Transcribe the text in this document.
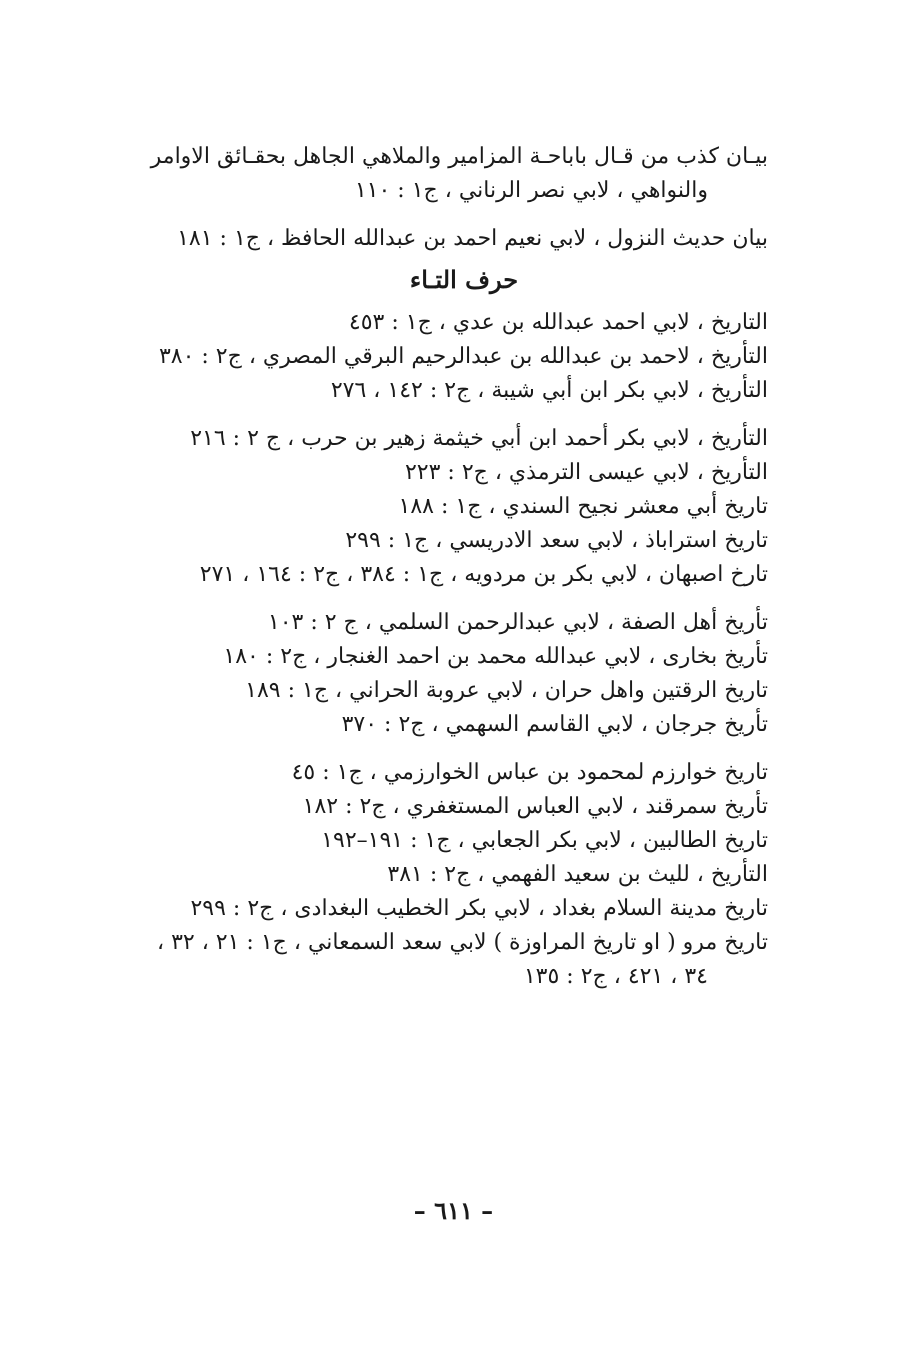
بيـان كذب من قـال باباحـة المزامير والملاهي الجاهل بحقـائق الاوامر
والنواهي ، لابي نصر الرناني ، ج١ : ١١٠
بيان حديث النزول ، لابي نعيم احمد بن عبدالله الحافظ ، ج١ : ١٨١
حرف التـاء
التاريخ ، لابي احمد عبدالله بن عدي ، ج١ : ٤٥٣
التأريخ ، لاحمد بن عبدالله بن عبدالرحيم البرقي المصري ، ج٢ : ٣٨٠
التأريخ ، لابي بكر ابن أبي شيبة ، ج٢ : ١٤٢ ، ٢٧٦
التأريخ ، لابي بكر أحمد ابن أبي خيثمة زهير بن حرب ، ج ٢ : ٢١٦
التأريخ ، لابي عيسى الترمذي ، ج٢ : ٢٢٣
تاريخ أبي معشر نجيح السندي ، ج١ : ١٨٨
تاريخ استراباذ ، لابي سعد الادريسي ، ج١ : ٢٩٩
تارخ اصبهان ، لابي بكر بن مردويه ، ج١ : ٣٨٤ ، ج٢ : ١٦٤ ، ٢٧١
تأريخ أهل الصفة ، لابي عبدالرحمن السلمي ، ج ٢ : ١٠٣
تأريخ بخارى ، لابي عبدالله محمد بن احمد الغنجار ، ج٢ : ١٨٠
تاريخ الرقتين واهل حران ، لابي عروبة الحراني ، ج١ : ١٨٩
تأريخ جرجان ، لابي القاسم السهمي ، ج٢ : ٣٧٠
تاريخ خوارزم لمحمود بن عباس الخوارزمي ، ج١ : ٤٥
تأريخ سمرقند ، لابي العباس المستغفري ، ج٢ : ١٨٢
تاريخ الطالبين ، لابي بكر الجعابي ، ج١ : ١٩١–١٩٢
التأريخ ، لليث بن سعيد الفهمي ، ج٢ : ٣٨١
تاريخ مدينة السلام بغداد ، لابي بكر الخطيب البغدادى ، ج٢ : ٢٩٩
تاريخ مرو ( او تاريخ المراوزة ) لابي سعد السمعاني ، ج١ : ٢١ ، ٣٢ ،
٣٤ ، ٤٢١ ، ج٢ : ١٣٥
– ٦١١ –
